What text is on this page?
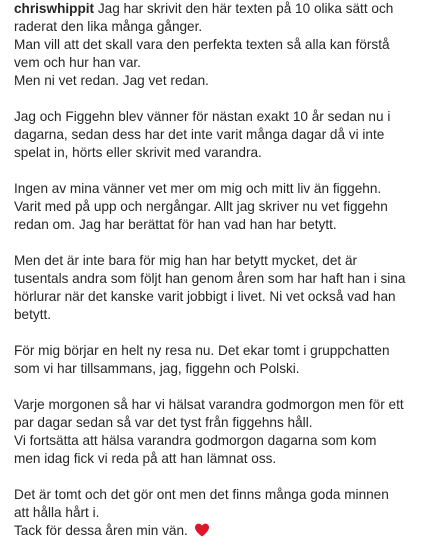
chriswhippit Jag har skrivit den här texten på 10 olika sätt och
raderat den lika många gånger.
Man vill att det skall vara den perfekta texten så alla kan förstå
vem och hur han var.
Men ni vet redan. Jag vet redan.
Jag och Figgehn blev vänner för nästan exakt 10 år sedan nu i
dagarna, sedan dess har det inte varit många dagar då vi inte
spelat in, hörts eller skrivit med varandra.
Ingen av mina vänner vet mer om mig och mitt liv än figgehn.
Varit med på upp och nergångar. Allt jag skriver nu vet figgehn
redan om. Jag har berättat för han vad han har betytt.
Men det är inte bara för mig han har betytt mycket, det är
tusentals andra som följt han genom åren som har haft han i sina
hörlurar när det kanske varit jobbigt i livet. Ni vet också vad han
betytt.
För mig börjar en helt ny resa nu. Det ekar tomt i gruppchatten
som vi har tillsammans, jag, figgehn och Polski.
Varje morgonen så har vi hälsat varandra godmorgon men för ett
par dagar sedan så var det tyst från figgehns håll.
Vi fortsätta att hälsa varandra godmorgon dagarna som kom
men idag fick vi reda på att han lämnat oss.
Det är tomt och det gör ont men det finns många goda minnen
att hålla hårt i.
Tack för dessa åren min vän.
